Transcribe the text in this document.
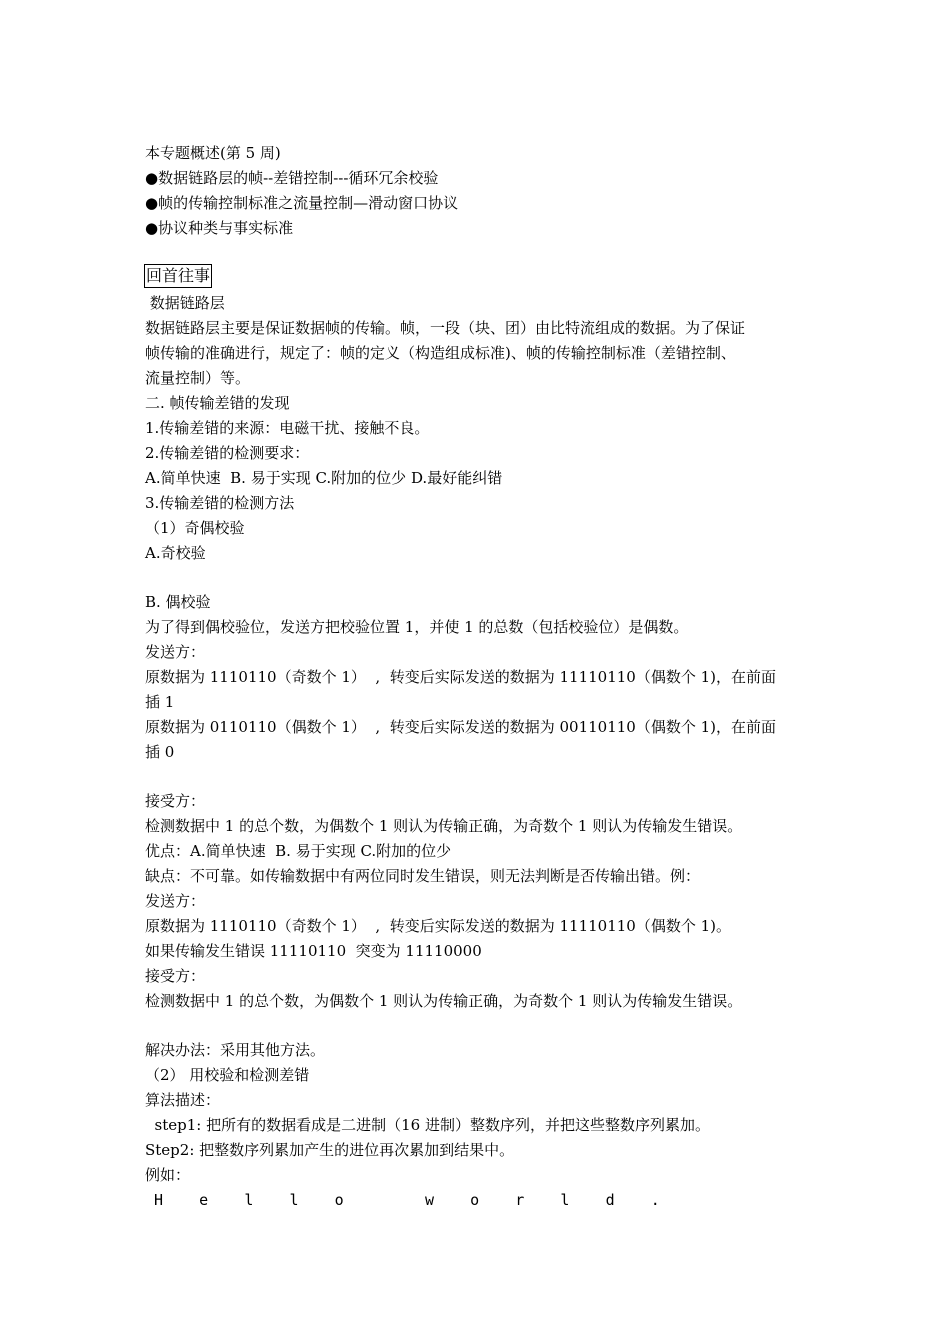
本专题概述(第 5 周)

●数据链路层的帧--差错控制---循环冗余校验

●帧的传输控制标准之流量控制—滑动窗口协议

●协议种类与事实标准

回首往事

数据链路层

数据链路层主要是保证数据帧的传输。帧，一段（块、团）由比特流组成的数据。为了保证

帧传输的准确进行，规定了：帧的定义（构造组成标准)、帧的传输控制标准（差错控制、

流量控制）等。

二. 帧传输差错的发现

1.传输差错的来源：电磁干扰、接触不良。

2.传输差错的检测要求：

A.简单快速  B. 易于实现 C.附加的位少 D.最好能纠错

3.传输差错的检测方法

（1）奇偶校验

A.奇校验

B. 偶校验

为了得到偶校验位，发送方把校验位置 1，并使 1 的总数（包括校验位）是偶数。

发送方：

原数据为 1110110（奇数个 1）  ,  转变后实际发送的数据为 11110110（偶数个 1)，在前面

插 1

原数据为 0110110（偶数个 1）  ,  转变后实际发送的数据为 00110110（偶数个 1)，在前面

插 0

接受方：

检测数据中 1 的总个数，为偶数个 1 则认为传输正确，为奇数个 1 则认为传输发生错误。

优点：A.简单快速  B. 易于实现 C.附加的位少

缺点：不可靠。如传输数据中有两位同时发生错误，则无法判断是否传输出错。例：

发送方：

原数据为 1110110（奇数个 1）  ,  转变后实际发送的数据为 11110110（偶数个 1)。

如果传输发生错误 11110110  突变为 11110000

接受方：

检测数据中 1 的总个数，为偶数个 1 则认为传输正确，为奇数个 1 则认为传输发生错误。

解决办法：采用其他方法。

（2） 用校验和检测差错

算法描述：

step1: 把所有的数据看成是二进制（16 进制）整数序列，并把这些整数序列累加。

Step2: 把整数序列累加产生的进位再次累加到结果中。

例如：

H    e    l    l    o         w    o    r    l    d    .
